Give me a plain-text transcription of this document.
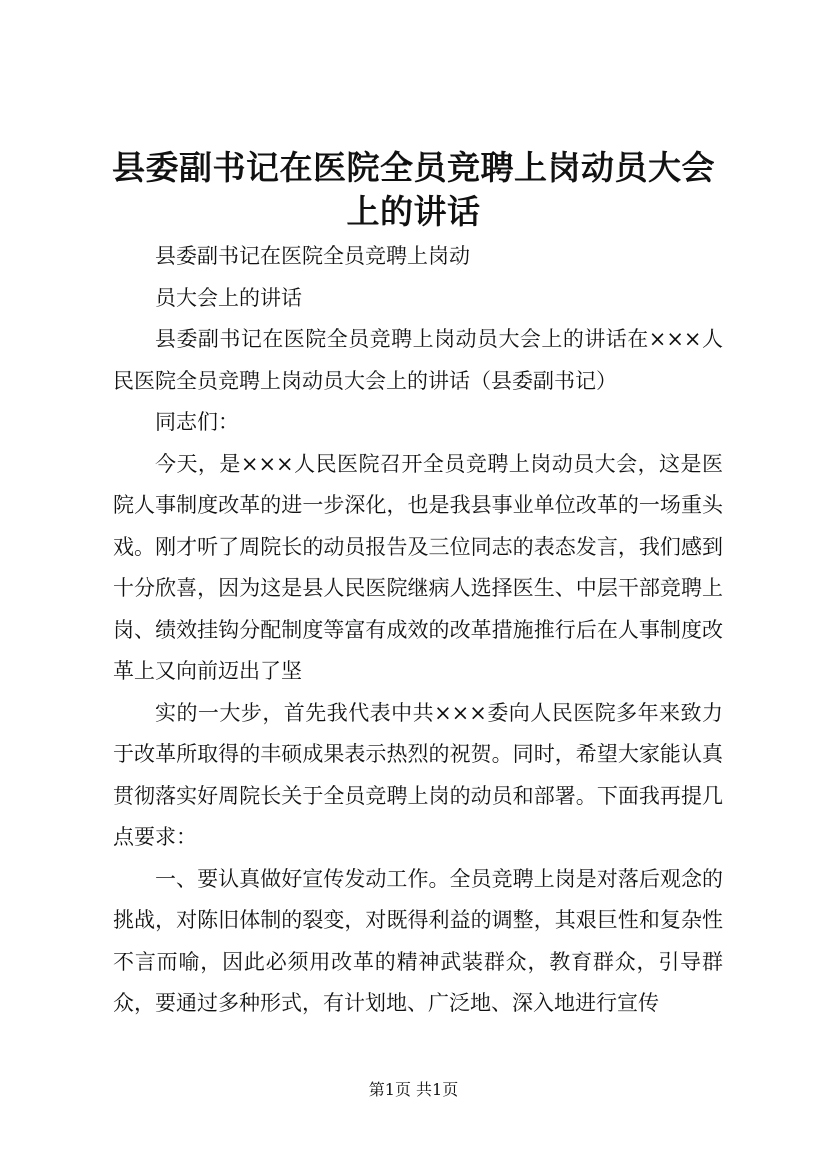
县委副书记在医院全员竞聘上岗动员大会上的讲话

县委副书记在医院全员竞聘上岗动

员大会上的讲话

县委副书记在医院全员竞聘上岗动员大会上的讲话在×××人民医院全员竞聘上岗动员大会上的讲话（县委副书记）

同志们：

今天，是×××人民医院召开全员竞聘上岗动员大会，这是医院人事制度改革的进一步深化，也是我县事业单位改革的一场重头戏。刚才听了周院长的动员报告及三位同志的表态发言，我们感到十分欣喜，因为这是县人民医院继病人选择医生、中层干部竞聘上岗、绩效挂钩分配制度等富有成效的改革措施推行后在人事制度改革上又向前迈出了坚

实的一大步，首先我代表中共×××委向人民医院多年来致力于改革所取得的丰硕成果表示热烈的祝贺。同时，希望大家能认真贯彻落实好周院长关于全员竞聘上岗的动员和部署。下面我再提几点要求：

一、要认真做好宣传发动工作。全员竞聘上岗是对落后观念的挑战，对陈旧体制的裂变，对既得利益的调整，其艰巨性和复杂性不言而喻，因此必须用改革的精神武装群众，教育群众，引导群众，要通过多种形式，有计划地、广泛地、深入地进行宣传

第1页 共1页
